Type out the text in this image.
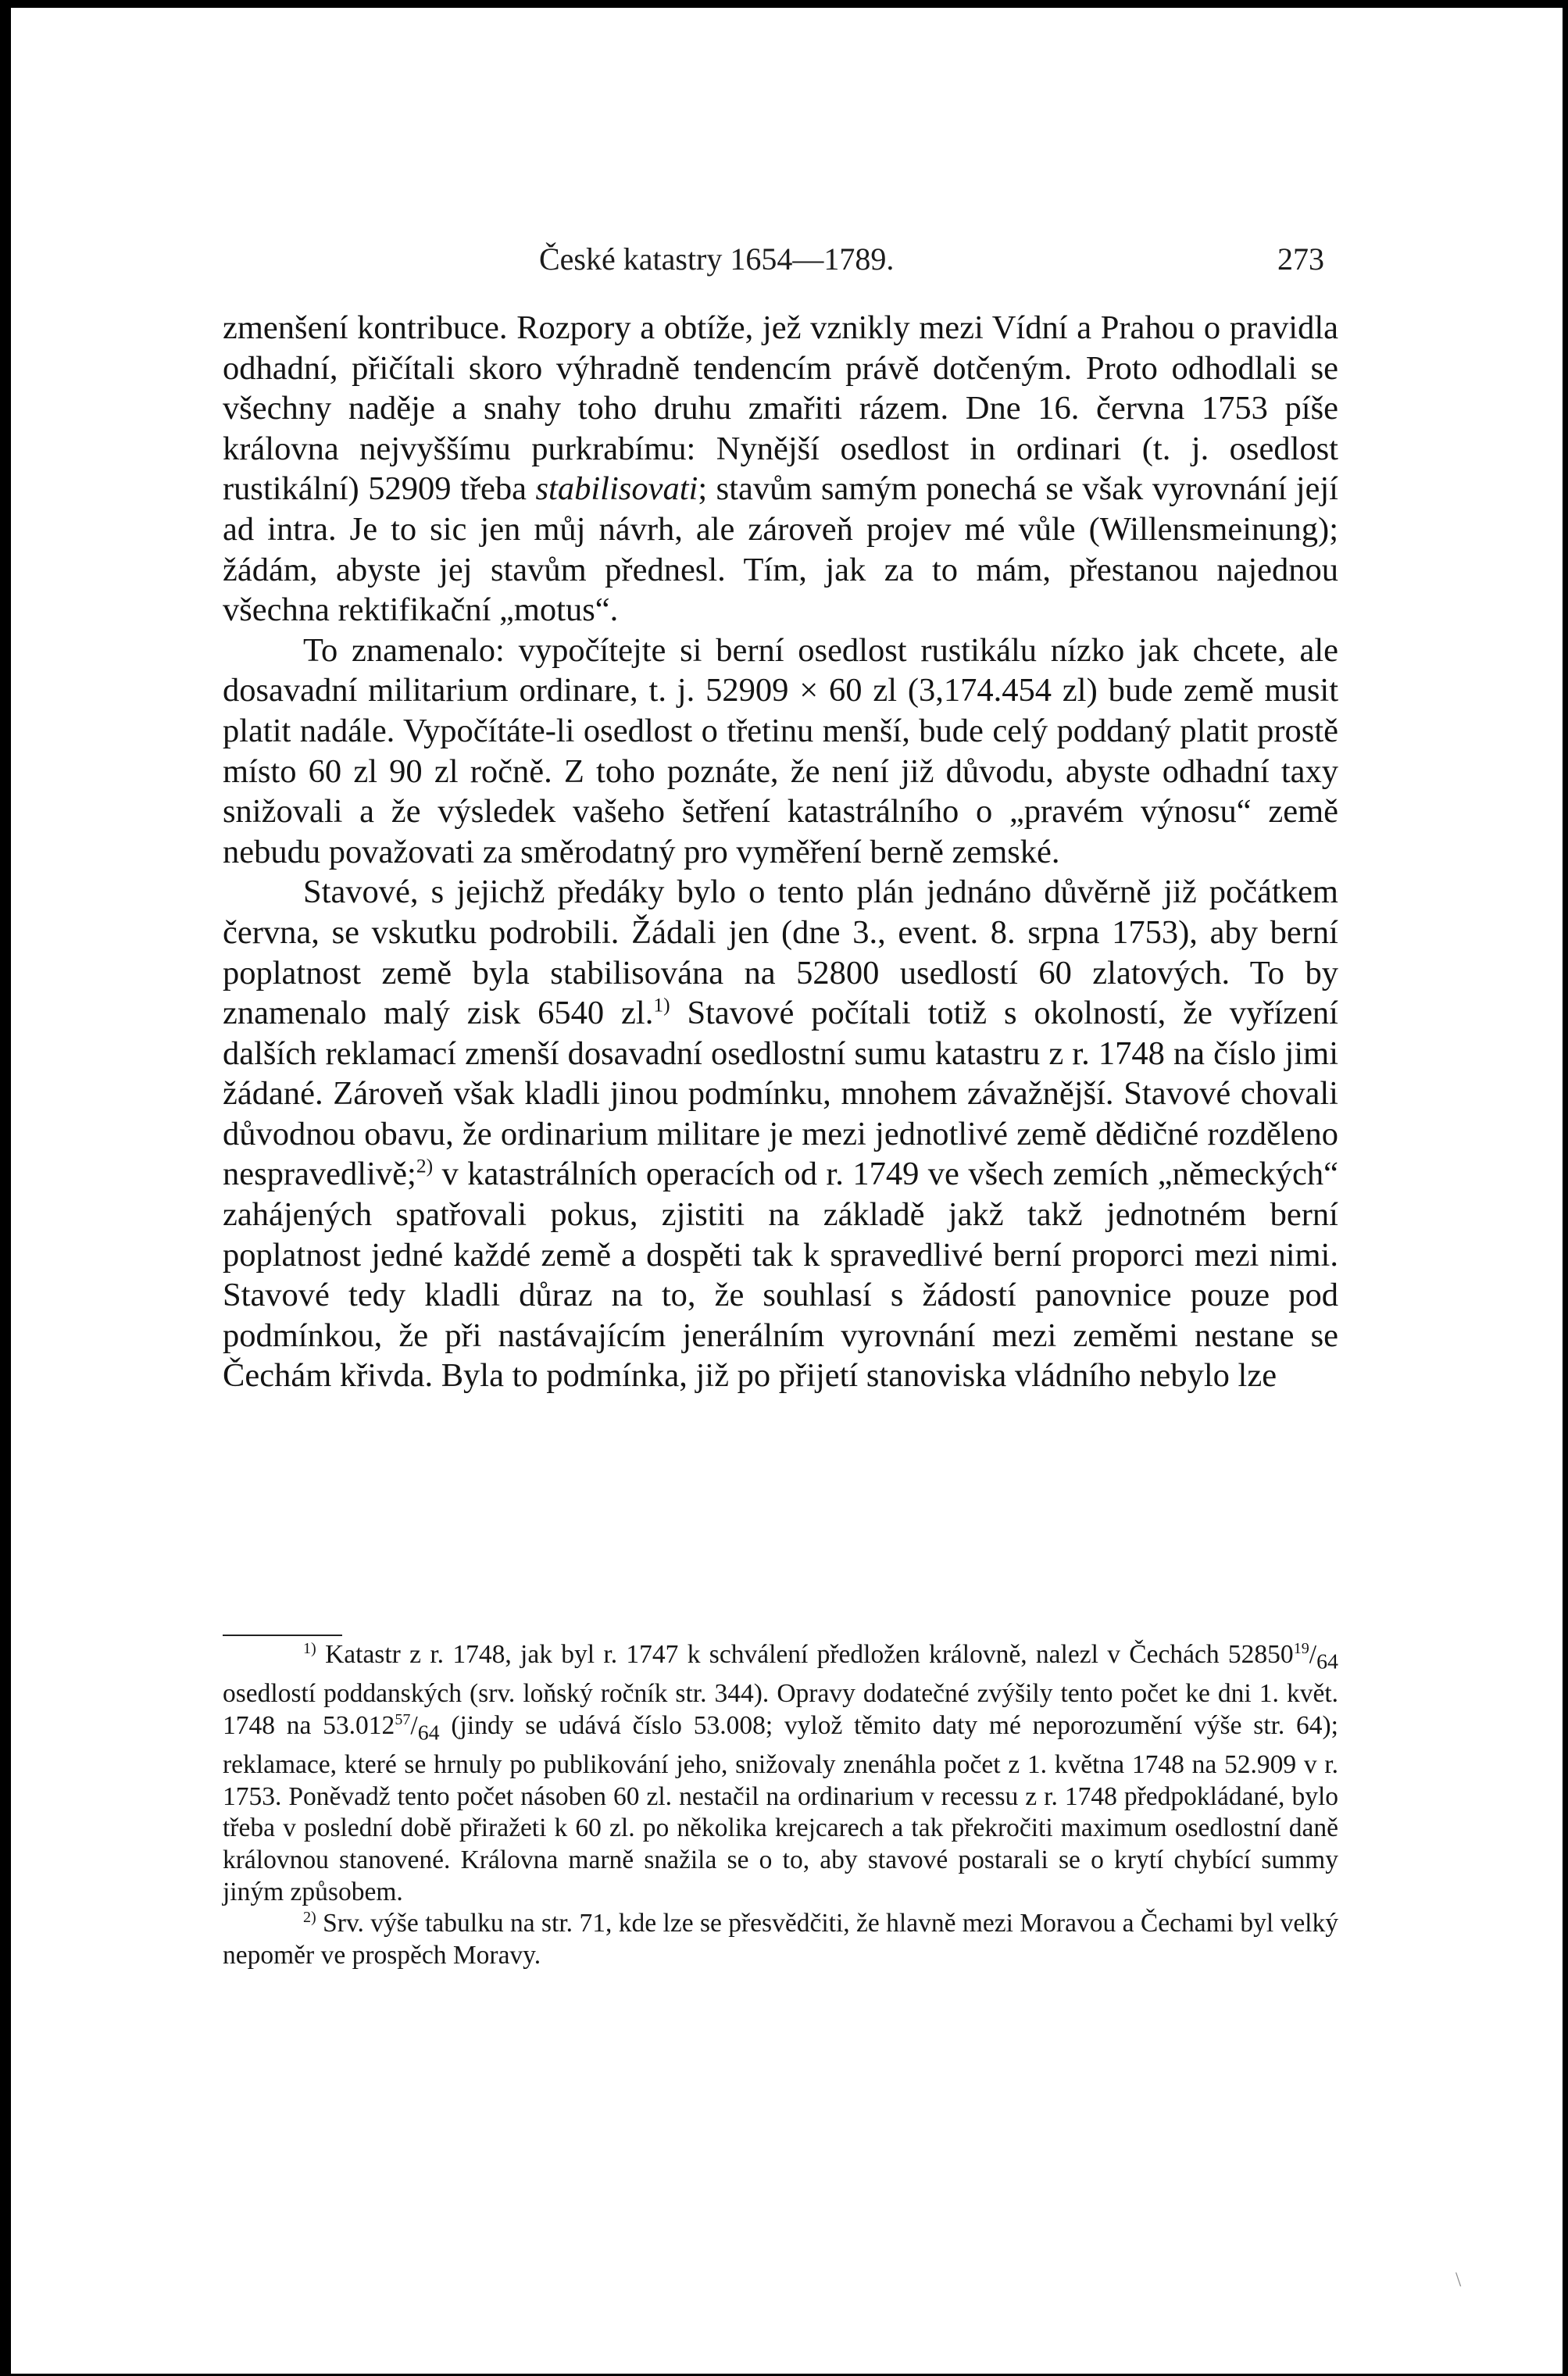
České katastry 1654—1789.	273

zmenšení kontribuce. Rozpory a obtíže, jež vznikly mezi Vídní a Prahou o pravidla odhadní, přičítali skoro výhradně tendencím právě dotčeným. Proto odhodlali se všechny naděje a snahy toho druhu zmařiti rázem. Dne 16. června 1753 píše královna nejvyššímu purkrabímu: Nynější osedlost in ordinari (t. j. osedlost rustikální) 52909 třeba stabilisovati; stavům samým ponechá se však vyrovnání její ad intra. Je to sic jen můj návrh, ale zároveň projev mé vůle (Willensmeinung); žádám, abyste jej stavům přednesl. Tím, jak za to mám, přestanou najednou všechna rektifikační „motus“.

To znamenalo: vypočítejte si berní osedlost rustikálu nízko jak chcete, ale dosavadní militarium ordinare, t. j. 52909 × 60 zl (3,174.454 zl) bude země musit platit nadále. Vypočítáte-li osedlost o třetinu menší, bude celý poddaný platit prostě místo 60 zl 90 zl ročně. Z toho poznáte, že není již důvodu, abyste odhadní taxy snižovali a že výsledek vašeho šetření katastrálního o „pravém výnosu“ země nebudu považovati za směrodatný pro vyměření berně zemské.

Stavové, s jejichž předáky bylo o tento plán jednáno důvěrně již počátkem června, se vskutku podrobili. Žádali jen (dne 3., event. 8. srpna 1753), aby berní poplatnost země byla stabilisována na 52800 usedlostí 60 zlatových. To by znamenalo malý zisk 6540 zl.$^{1)}$ Stavové počítali totiž s okolností, že vyřízení dalších reklamací zmenší dosavadní osedlostní sumu katastru z r. 1748 na číslo jimi žádané. Zároveň však kladli jinou podmínku, mnohem závažnější. Stavové chovali důvodnou obavu, že ordinarium militare je mezi jednotlivé země dědičné rozděleno nespravedlivě;$^{2)}$ v katastrálních operacích od r. 1749 ve všech zemích „německých“ zahájených spatřovali pokus, zjistiti na základě jakž takž jednotném berní poplatnost jedné každé země a dospěti tak k spravedlivé berní proporci mezi nimi. Stavové tedy kladli důraz na to, že souhlasí s žádostí panovnice pouze pod podmínkou, že při nastávajícím jenerálním vyrovnání mezi zeměmi nestane se Čechám křivda. Byla to podmínka, již po přijetí stanoviska vládního nebylo lze

$^{1)}$ Katastr z r. 1748, jak byl r. 1747 k schválení předložen královně, nalezl v Čechách $52850^{19}/_{64}$ osedlostí poddanských (srv. loňský ročník str. 344). Opravy dodatečné zvýšily tento počet ke dni 1. květ. 1748 na $53.012^{57}/_{64}$ (jindy se udává číslo 53.008; vylož těmito daty mé neporozumění výše str. 64); reklamace, které se hrnuly po publikování jeho, snižovaly znenáhla počet z 1. května 1748 na 52.909 v r. 1753. Poněvadž tento počet násoben 60 zl. nestačil na ordinarium v recessu z r. 1748 předpokládané, bylo třeba v poslední době přiražeti k 60 zl. po několika krejcarech a tak překročiti maximum osedlostní daně královnou stanovené. Královna marně snažila se o to, aby stavové postarali se o krytí chybící summy jiným způsobem.

$^{2)}$ Srv. výše tabulku na str. 71, kde lze se přesvědčiti, že hlavně mezi Moravou a Čechami byl velký nepoměr ve prospěch Moravy.

\
